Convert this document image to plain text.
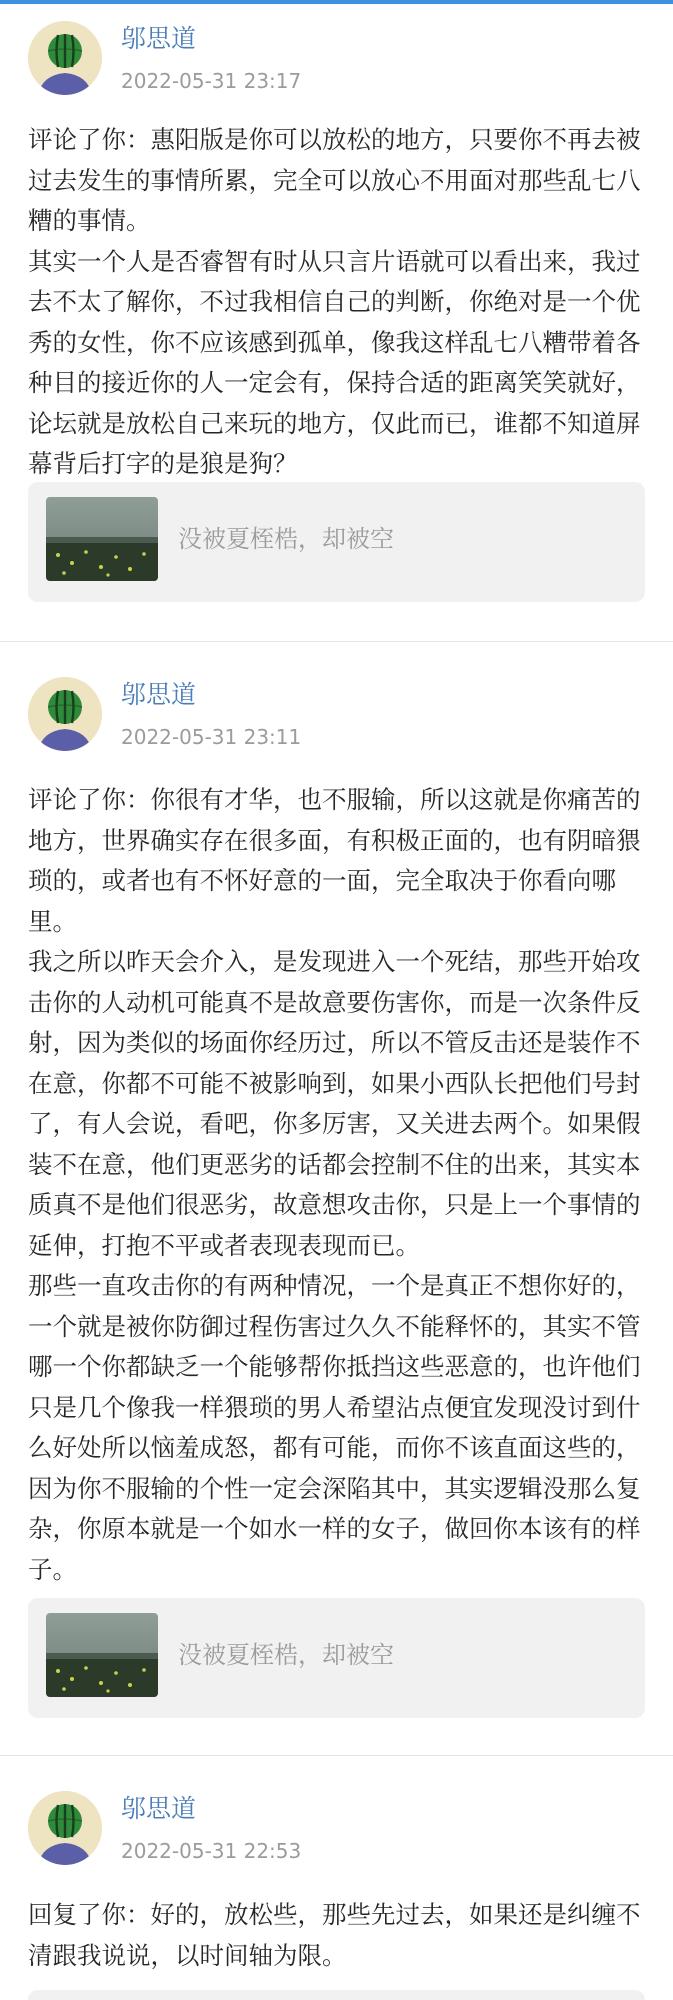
邬思道
2022-05-31 23:17

评论了你：惠阳版是你可以放松的地方，只要你不再去被过去发生的事情所累，完全可以放心不用面对那些乱七八糟的事情。

其实一个人是否睿智有时从只言片语就可以看出来，我过去不太了解你，不过我相信自己的判断，你绝对是一个优秀的女性，你不应该感到孤单，像我这样乱七八糟带着各种目的接近你的人一定会有，保持合适的距离笑笑就好，论坛就是放松自己来玩的地方，仅此而已，谁都不知道屏幕背后打字的是狼是狗？

没被夏桎梏，却被空
邬思道
2022-05-31 23:11

评论了你：你很有才华，也不服输，所以这就是你痛苦的地方，世界确实存在很多面，有积极正面的，也有阴暗猥琐的，或者也有不怀好意的一面，完全取决于你看向哪里。

我之所以昨天会介入，是发现进入一个死结，那些开始攻击你的人动机可能真不是故意要伤害你，而是一次条件反射，因为类似的场面你经历过，所以不管反击还是装作不在意，你都不可能不被影响到，如果小西队长把他们号封了，有人会说，看吧，你多厉害，又关进去两个。如果假装不在意，他们更恶劣的话都会控制不住的出来，其实本质真不是他们很恶劣，故意想攻击你，只是上一个事情的延伸，打抱不平或者表现表现而已。

那些一直攻击你的有两种情况，一个是真正不想你好的，一个就是被你防御过程伤害过久久不能释怀的，其实不管哪一个你都缺乏一个能够帮你抵挡这些恶意的，也许他们只是几个像我一样猥琐的男人希望沾点便宜发现没讨到什么好处所以恼羞成怒，都有可能，而你不该直面这些的，因为你不服输的个性一定会深陷其中，其实逻辑没那么复杂，你原本就是一个如水一样的女子，做回你本该有的样子。

没被夏桎梏，却被空
邬思道
2022-05-31 22:53

回复了你：好的，放松些，那些先过去，如果还是纠缠不清跟我说说，以时间轴为限。
